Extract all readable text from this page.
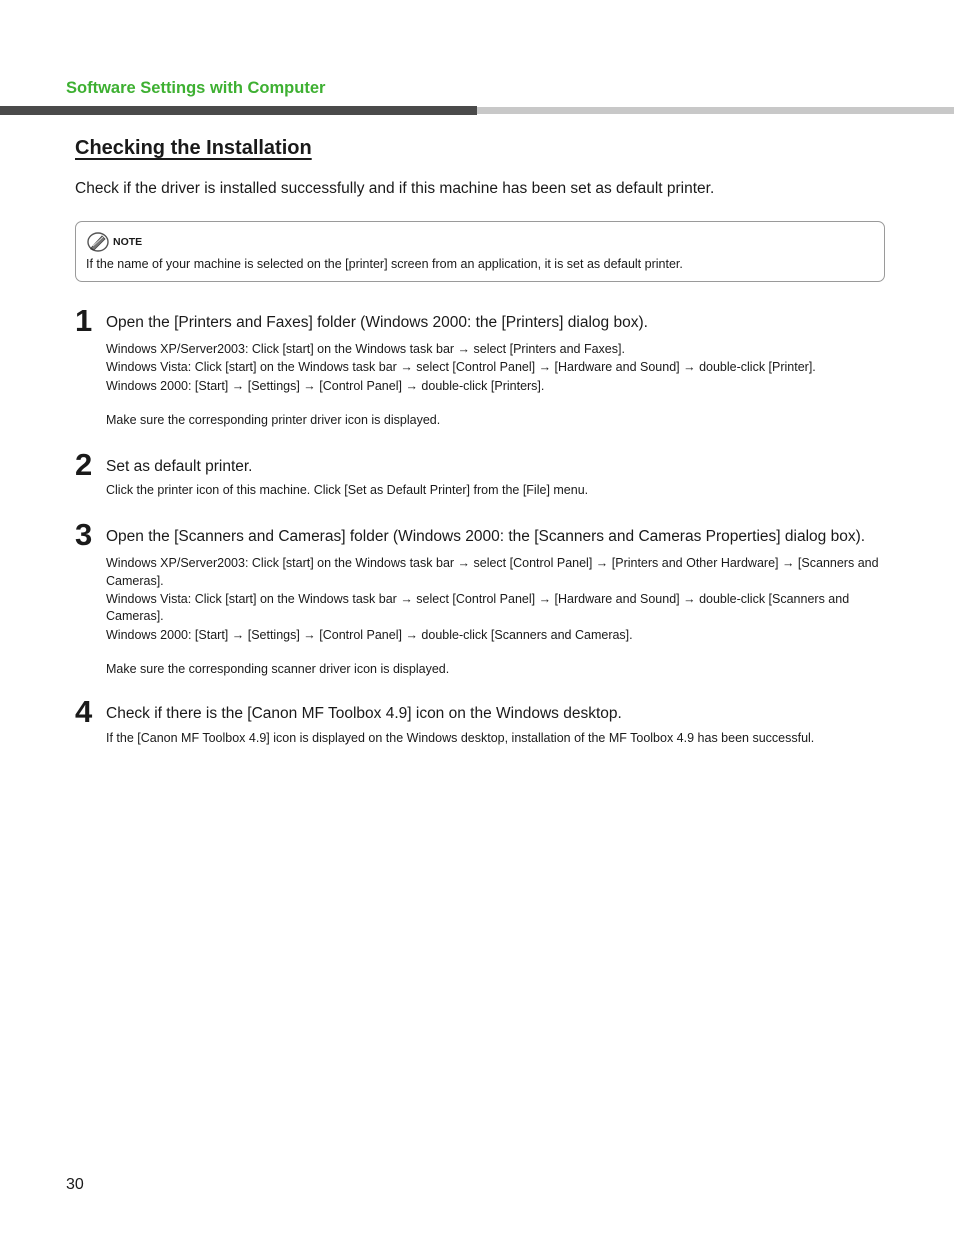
Software Settings with Computer
Checking the Installation
Check if the driver is installed successfully and if this machine has been set as default printer.
NOTE
If the name of your machine is selected on the [printer] screen from an application, it is set as default printer.
1 Open the [Printers and Faxes] folder (Windows 2000: the [Printers] dialog box).

Windows XP/Server2003: Click [start] on the Windows task bar → select [Printers and Faxes].

Windows Vista: Click [start] on the Windows task bar → select [Control Panel] → [Hardware and Sound] → double-click [Printer].

Windows 2000: [Start] → [Settings] → [Control Panel] → double-click [Printers].

Make sure the corresponding printer driver icon is displayed.

2 Set as default printer.

Click the printer icon of this machine. Click [Set as Default Printer] from the [File] menu.

3 Open the [Scanners and Cameras] folder (Windows 2000: the [Scanners and Cameras Properties] dialog box).

Windows XP/Server2003: Click [start] on the Windows task bar → select [Control Panel] → [Printers and Other Hardware] → [Scanners and Cameras].

Windows Vista: Click [start] on the Windows task bar → select [Control Panel] → [Hardware and Sound] → double-click [Scanners and Cameras].

Windows 2000: [Start] → [Settings] → [Control Panel] → double-click [Scanners and Cameras].

Make sure the corresponding scanner driver icon is displayed.

4 Check if there is the [Canon MF Toolbox 4.9] icon on the Windows desktop.

If the [Canon MF Toolbox 4.9] icon is displayed on the Windows desktop, installation of the MF Toolbox 4.9 has been successful.

30
